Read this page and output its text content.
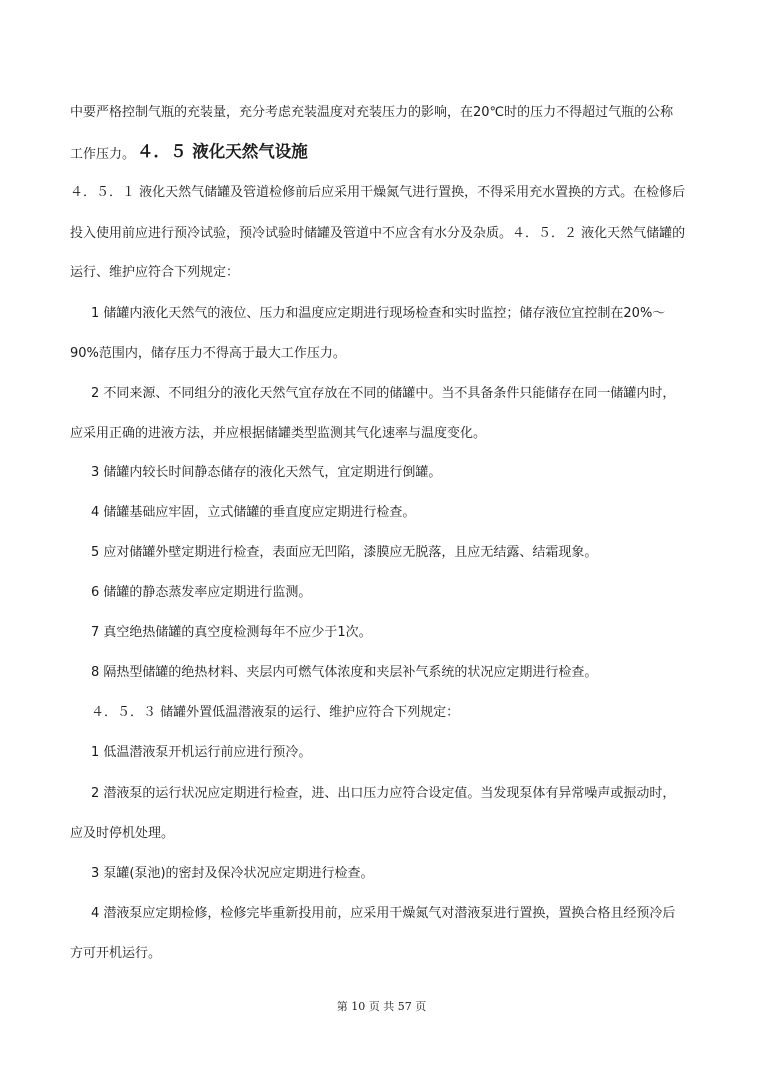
中要严格控制气瓶的充装量，充分考虑充装温度对充装压力的影响，在20℃时的压力不得超过气瓶的公称
工作压力。 ４．５ 液化天然气设施
４．５．１ 液化天然气储罐及管道检修前后应采用干燥氮气进行置换，不得采用充水置换的方式。在检修后
投入使用前应进行预冷试验，预冷试验时储罐及管道中不应含有水分及杂质。４．５．２ 液化天然气储罐的
运行、维护应符合下列规定：
1 储罐内液化天然气的液位、压力和温度应定期进行现场检查和实时监控；储存液位宜控制在20%～
90%范围内，储存压力不得高于最大工作压力。
2 不同来源、不同组分的液化天然气宜存放在不同的储罐中。当不具备条件只能储存在同一储罐内时，
应采用正确的进液方法，并应根据储罐类型监测其气化速率与温度变化。
3 储罐内较长时间静态储存的液化天然气，宜定期进行倒罐。
4 储罐基础应牢固，立式储罐的垂直度应定期进行检查。
5 应对储罐外壁定期进行检查，表面应无凹陷，漆膜应无脱落，且应无结露、结霜现象。
6 储罐的静态蒸发率应定期进行监测。
7 真空绝热储罐的真空度检测每年不应少于1次。
8 隔热型储罐的绝热材料、夹层内可燃气体浓度和夹层补气系统的状况应定期进行检查。
４．５．３ 储罐外置低温潜液泵的运行、维护应符合下列规定：
1 低温潜液泵开机运行前应进行预冷。
2 潜液泵的运行状况应定期进行检查，进、出口压力应符合设定值。当发现泵体有异常噪声或振动时，
应及时停机处理。
3 泵罐(泵池)的密封及保冷状况应定期进行检查。
4 潜液泵应定期检修，检修完毕重新投用前，应采用干燥氮气对潜液泵进行置换，置换合格且经预冷后
方可开机运行。
第 10 页 共 57 页
